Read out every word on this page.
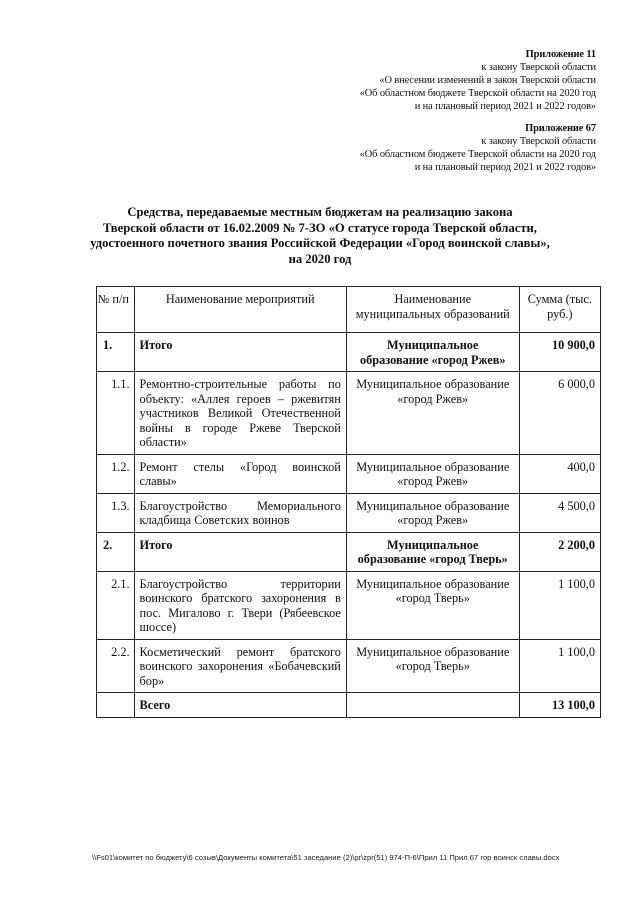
Приложение 11
к закону Тверской области
«О внесении изменений в закон Тверской области
«Об областном бюджете Тверской области на 2020 год
и на плановый период 2021 и 2022 годов»
Приложение 67
к закону Тверской области
«Об областном бюджете Тверской области на 2020 год
и на плановый период 2021 и 2022 годов»
Средства, передаваемые местным бюджетам на реализацию закона
Тверской области от 16.02.2009 № 7-ЗО «О статусе города Тверской области,
удостоенного почетного звания Российской Федерации «Город воинской славы»,
на 2020 год
№ п/п	Наименование мероприятий	Наименование муниципальных образований	Сумма (тыс. руб.)
1.	Итого	Муниципальное образование «город Ржев»	10 900,0
1.1.	Ремонтно-строительные работы по объекту: «Аллея героев – ржевитян участников Великой Отечественной войны в городе Ржеве Тверской области»	Муниципальное образование «город Ржев»	6 000,0
1.2.	Ремонт стелы «Город воинской славы»	Муниципальное образование «город Ржев»	400,0
1.3.	Благоустройство Мемориального кладбища Советских воинов	Муниципальное образование «город Ржев»	4 500,0
2.	Итого	Муниципальное образование «город Тверь»	2 200,0
2.1.	Благоустройство территории воинского братского захоронения в пос. Мигалово г. Твери (Рябеевское шоссе)	Муниципальное образование «город Тверь»	1 100,0
2.2.	Косметический ремонт братского воинского захоронения «Бобачевский бор»	Муниципальное образование «город Тверь»	1 100,0
	Всего		13 100,0
\\Fs01\комитет по бюджету\6 созыв\Документы комитета\51 заседание (2)\pr\zpr(51) 974-П-6\Прил 11 Прил 67 гор воинск славы.docx
